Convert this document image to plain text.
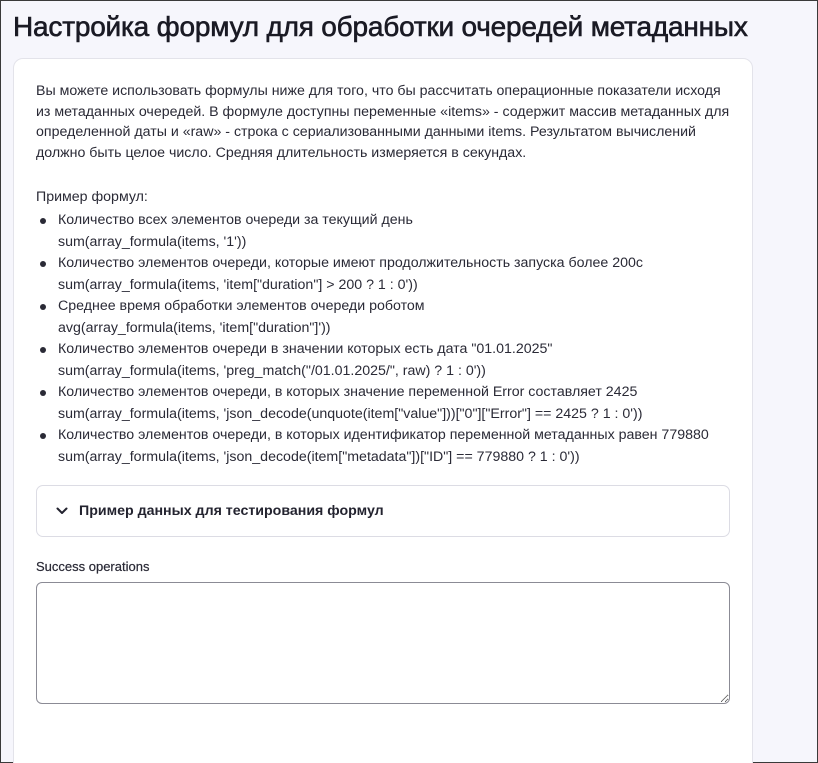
Настройка формул для обработки очередей метаданных

Вы можете использовать формулы ниже для того, что бы рассчитать операционные показатели исходя из метаданных очередей. В формуле доступны переменные «items» - содержит массив метаданных для определенной даты и «raw» - строка с сериализованными данными items. Результатом вычислений должно быть целое число. Средняя длительность измеряется в секундах.

Пример формул:

Количество всех элементов очереди за текущий день
sum(array_formula(items, '1'))
Количество элементов очереди, которые имеют продолжительность запуска более 200с
sum(array_formula(items, 'item["duration"] > 200 ? 1 : 0'))
Среднее время обработки элементов очереди роботом
avg(array_formula(items, 'item["duration"]'))
Количество элементов очереди в значении которых есть дата "01.01.2025"
sum(array_formula(items, 'preg_match("/01.01.2025/", raw) ? 1 : 0'))
Количество элементов очереди, в которых значение переменной Error составляет 2425
sum(array_formula(items, 'json_decode(unquote(item["value"]))["0"]["Error"] == 2425 ? 1 : 0'))
Количество элементов очереди, в которых идентификатор переменной метаданных равен 779880
sum(array_formula(items, 'json_decode(item["metadata"])["ID"] == 779880 ? 1 : 0'))
Пример данных для тестирования формул
Success operations
